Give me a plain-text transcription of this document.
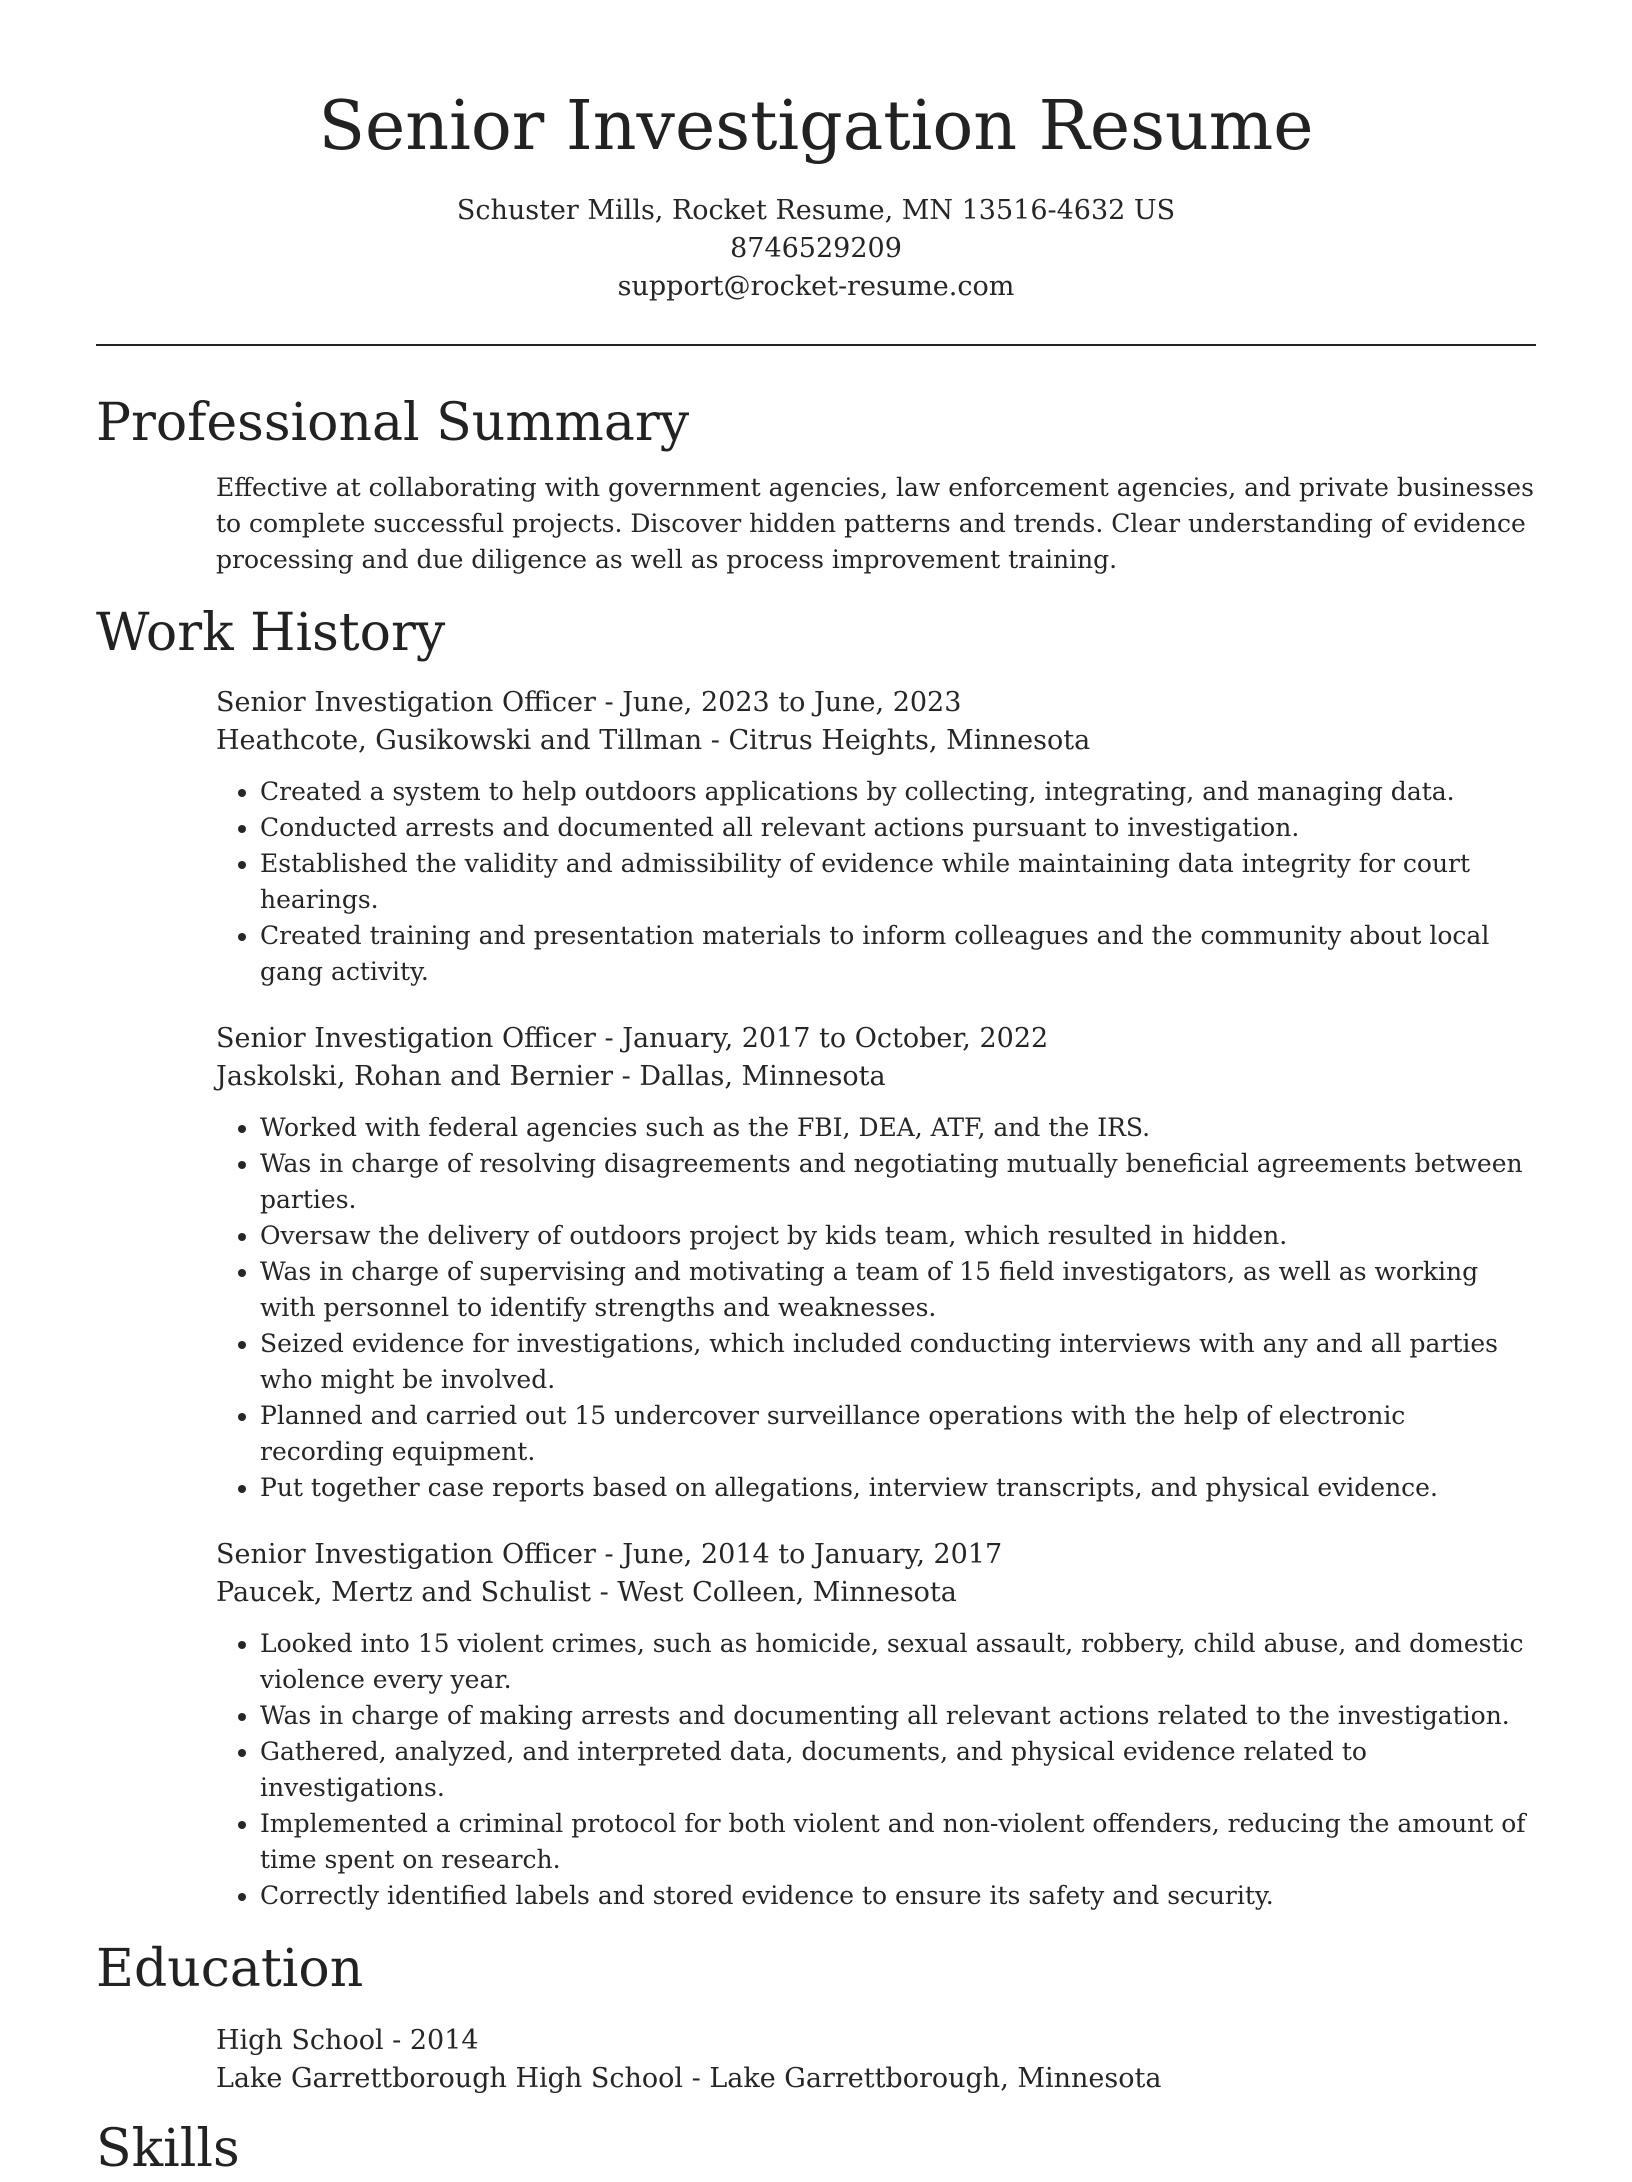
Senior Investigation Resume

Schuster Mills, Rocket Resume, MN 13516-4632 US

8746529209

support@rocket-resume.com

Professional Summary

Effective at collaborating with government agencies, law enforcement agencies, and private businesses to complete successful projects. Discover hidden patterns and trends. Clear understanding of evidence processing and due diligence as well as process improvement training.

Work History

Senior Investigation Officer - June, 2023 to June, 2023

Heathcote, Gusikowski and Tillman - Citrus Heights, Minnesota

• Created a system to help outdoors applications by collecting, integrating, and managing data.
• Conducted arrests and documented all relevant actions pursuant to investigation.
• Established the validity and admissibility of evidence while maintaining data integrity for court hearings.
• Created training and presentation materials to inform colleagues and the community about local gang activity.

Senior Investigation Officer - January, 2017 to October, 2022

Jaskolski, Rohan and Bernier - Dallas, Minnesota

• Worked with federal agencies such as the FBI, DEA, ATF, and the IRS.
• Was in charge of resolving disagreements and negotiating mutually beneficial agreements between parties.
• Oversaw the delivery of outdoors project by kids team, which resulted in hidden.
• Was in charge of supervising and motivating a team of 15 field investigators, as well as working with personnel to identify strengths and weaknesses.
• Seized evidence for investigations, which included conducting interviews with any and all parties who might be involved.
• Planned and carried out 15 undercover surveillance operations with the help of electronic recording equipment.
• Put together case reports based on allegations, interview transcripts, and physical evidence.

Senior Investigation Officer - June, 2014 to January, 2017

Paucek, Mertz and Schulist - West Colleen, Minnesota

• Looked into 15 violent crimes, such as homicide, sexual assault, robbery, child abuse, and domestic violence every year.
• Was in charge of making arrests and documenting all relevant actions related to the investigation.
• Gathered, analyzed, and interpreted data, documents, and physical evidence related to investigations.
• Implemented a criminal protocol for both violent and non-violent offenders, reducing the amount of time spent on research.
• Correctly identified labels and stored evidence to ensure its safety and security.
Education

High School - 2014

Lake Garrettborough High School - Lake Garrettborough, Minnesota

Skills
